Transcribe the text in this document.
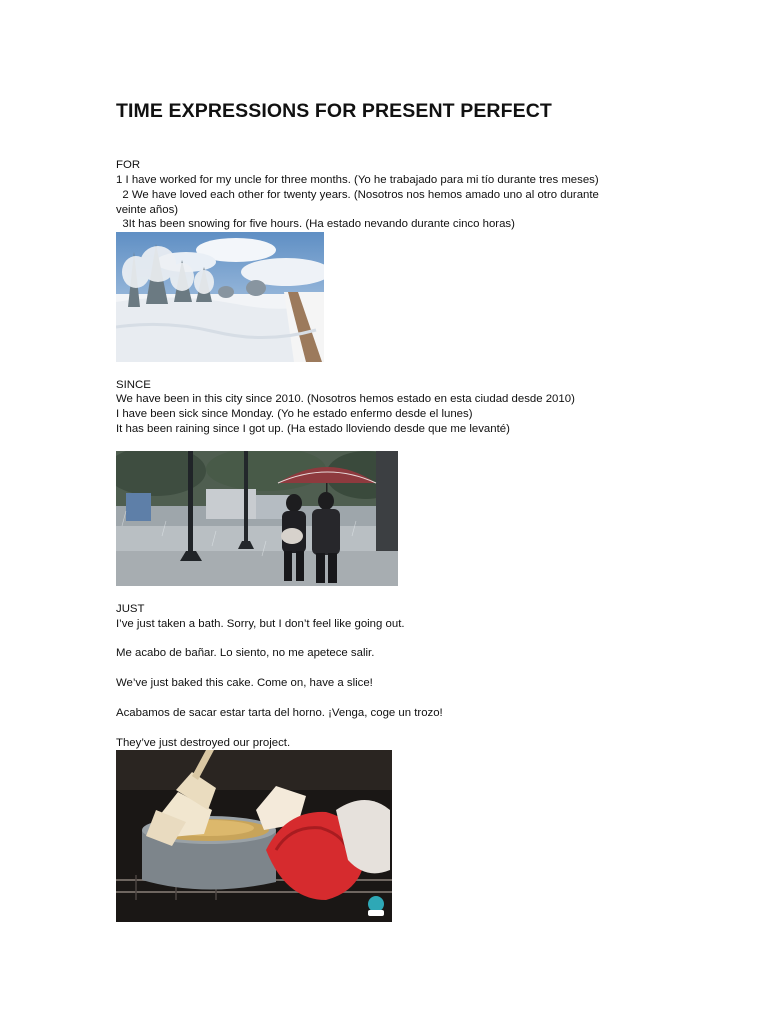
TIME EXPRESSIONS FOR PRESENT PERFECT
FOR
1 I have worked for my uncle for three months. (Yo he trabajado para mi tío durante tres meses)
2 We have loved each other for twenty years. (Nosotros nos hemos amado uno al otro durante
veinte años)
3It has been snowing for five hours. (Ha estado nevando durante cinco horas)
SINCE
We have been in this city since 2010. (Nosotros hemos estado en esta ciudad desde 2010)
I have been sick since Monday. (Yo he estado enfermo desde el lunes)
It has been raining since I got up. (Ha estado lloviendo desde que me levanté)
JUST
I’ve just taken a bath. Sorry, but I don’t feel like going out.
Me acabo de bañar. Lo siento, no me apetece salir.
We’ve just baked this cake. Come on, have a slice!
Acabamos de sacar estar tarta del horno. ¡Venga, coge un trozo!
They’ve just destroyed our project.
